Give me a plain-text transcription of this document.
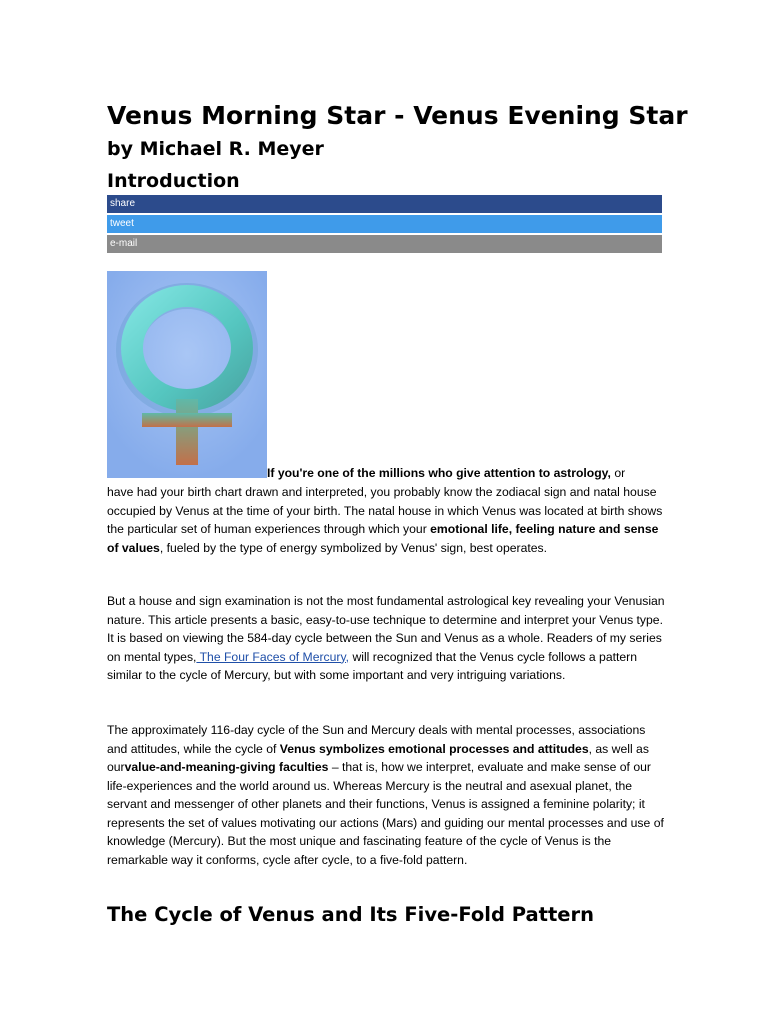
Venus Morning Star - Venus Evening Star
by Michael R. Meyer
Introduction
share
tweet
e-mail

If you're one of the millions who give attention to astrology, or

have had your birth chart drawn and interpreted, you probably know the zodiacal sign and natal house occupied by Venus at the time of your birth. The natal house in which Venus was located at birth shows the particular set of human experiences through which your emotional life, feeling nature and sense of values, fueled by the type of energy symbolized by Venus' sign, best operates.

But a house and sign examination is not the most fundamental astrological key revealing your Venusian nature. This article presents a basic, easy-to-use technique to determine and interpret your Venus type. It is based on viewing the 584-day cycle between the Sun and Venus as a whole. Readers of my series on mental types, The Four Faces of Mercury, will recognized that the Venus cycle follows a pattern similar to the cycle of Mercury, but with some important and very intriguing variations.

The approximately 116-day cycle of the Sun and Mercury deals with mental processes, associations and attitudes, while the cycle of Venus symbolizes emotional processes and attitudes, as well as ourvalue-and-meaning-giving faculties – that is, how we interpret, evaluate and make sense of our life-experiences and the world around us. Whereas Mercury is the neutral and asexual planet, the servant and messenger of other planets and their functions, Venus is assigned a feminine polarity; it represents the set of values motivating our actions (Mars) and guiding our mental processes and use of knowledge (Mercury). But the most unique and fascinating feature of the cycle of Venus is the remarkable way it conforms, cycle after cycle, to a five-fold pattern.

The Cycle of Venus and Its Five-Fold Pattern
